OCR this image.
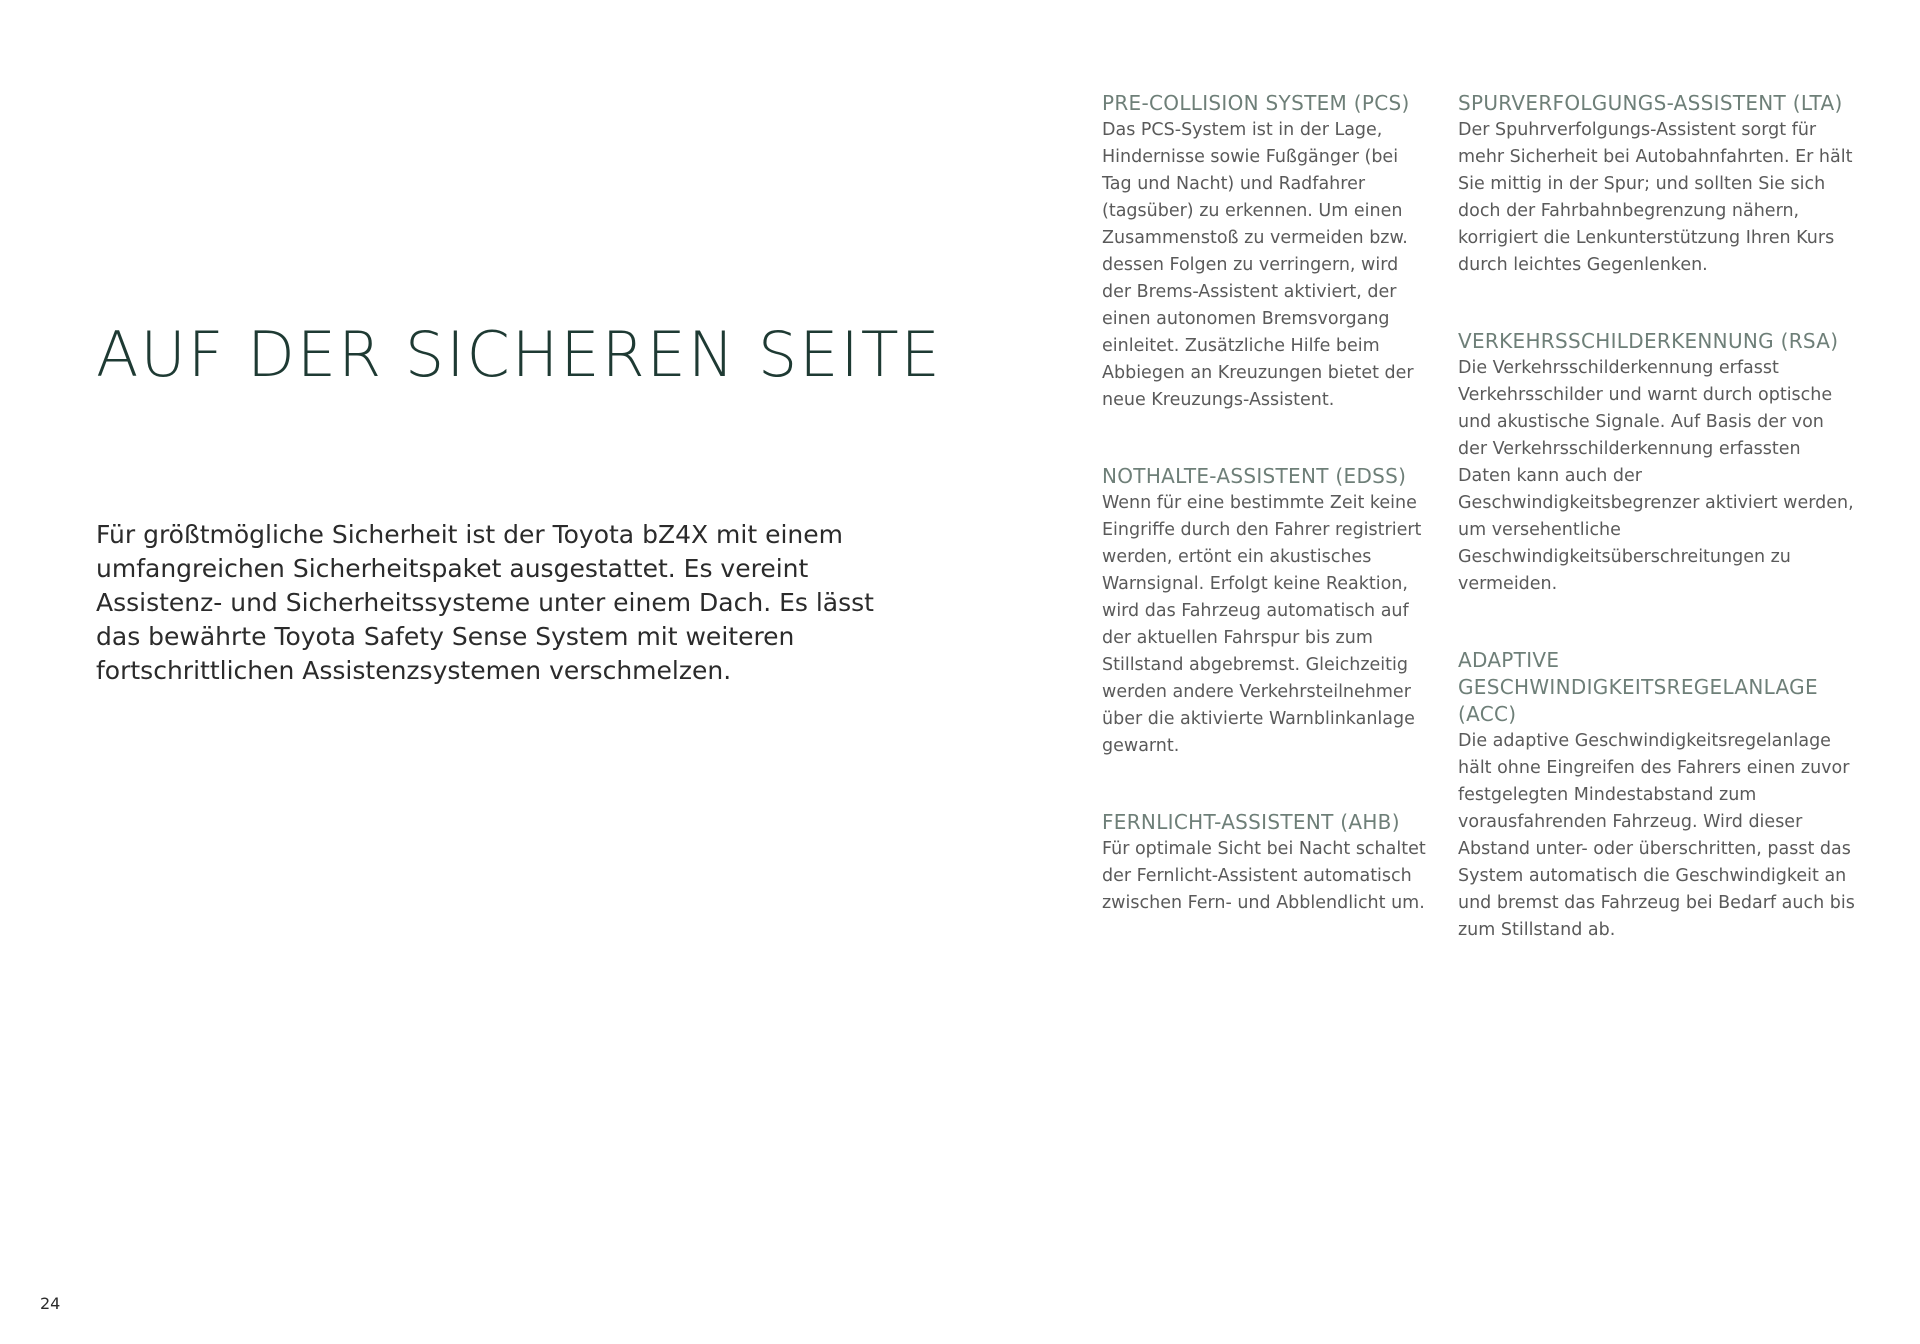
AUF DER SICHEREN SEITE

Für größtmögliche Sicherheit ist der Toyota bZ4X mit einem umfangreichen Sicherheitspaket ausgestattet. Es vereint Assistenz- und Sicherheitssysteme unter einem Dach. Es lässt das bewährte Toyota Safety Sense System mit weiteren fortschrittlichen Assistenzsystemen verschmelzen.

PRE-COLLISION SYSTEM (PCS)

Das PCS-System ist in der Lage, Hindernisse sowie Fußgänger (bei Tag und Nacht) und Radfahrer (tagsüber) zu erkennen. Um einen Zusammenstoß zu vermeiden bzw. dessen Folgen zu verringern, wird der Brems-Assistent aktiviert, der einen autonomen Bremsvorgang einleitet. Zusätzliche Hilfe beim Abbiegen an Kreuzungen bietet der neue Kreuzungs-Assistent.

NOTHALTE-ASSISTENT (EDSS)

Wenn für eine bestimmte Zeit keine Eingriffe durch den Fahrer registriert werden, ertönt ein akustisches Warnsignal. Erfolgt keine Reaktion, wird das Fahrzeug automatisch auf der aktuellen Fahrspur bis zum Stillstand abgebremst. Gleichzeitig werden andere Verkehrsteilnehmer über die aktivierte Warnblinkanlage gewarnt.

FERNLICHT-ASSISTENT (AHB)

Für optimale Sicht bei Nacht schaltet der Fernlicht-Assistent automatisch zwischen Fern- und Abblendlicht um.

SPURVERFOLGUNGS-ASSISTENT (LTA)

Der Spuhrverfolgungs-Assistent sorgt für mehr Sicherheit bei Autobahnfahrten. Er hält Sie mittig in der Spur; und sollten Sie sich doch der Fahrbahnbegrenzung nähern, korrigiert die Lenkunterstützung Ihren Kurs durch leichtes Gegenlenken.

VERKEHRSSCHILDERKENNUNG (RSA)

Die Verkehrsschilderkennung erfasst Verkehrsschilder und warnt durch optische und akustische Signale. Auf Basis der von der Verkehrsschilderkennung erfassten Daten kann auch der Geschwindigkeitsbegrenzer aktiviert werden, um versehentliche Geschwindigkeitsüberschreitungen zu vermeiden.

ADAPTIVE GESCHWINDIGKEITSREGELANLAGE (ACC)

Die adaptive Geschwindigkeitsregelanlage hält ohne Eingreifen des Fahrers einen zuvor festgelegten Mindestabstand zum vorausfahrenden Fahrzeug. Wird dieser Abstand unter- oder überschritten, passt das System automatisch die Geschwindigkeit an und bremst das Fahrzeug bei Bedarf auch bis zum Stillstand ab.

24
